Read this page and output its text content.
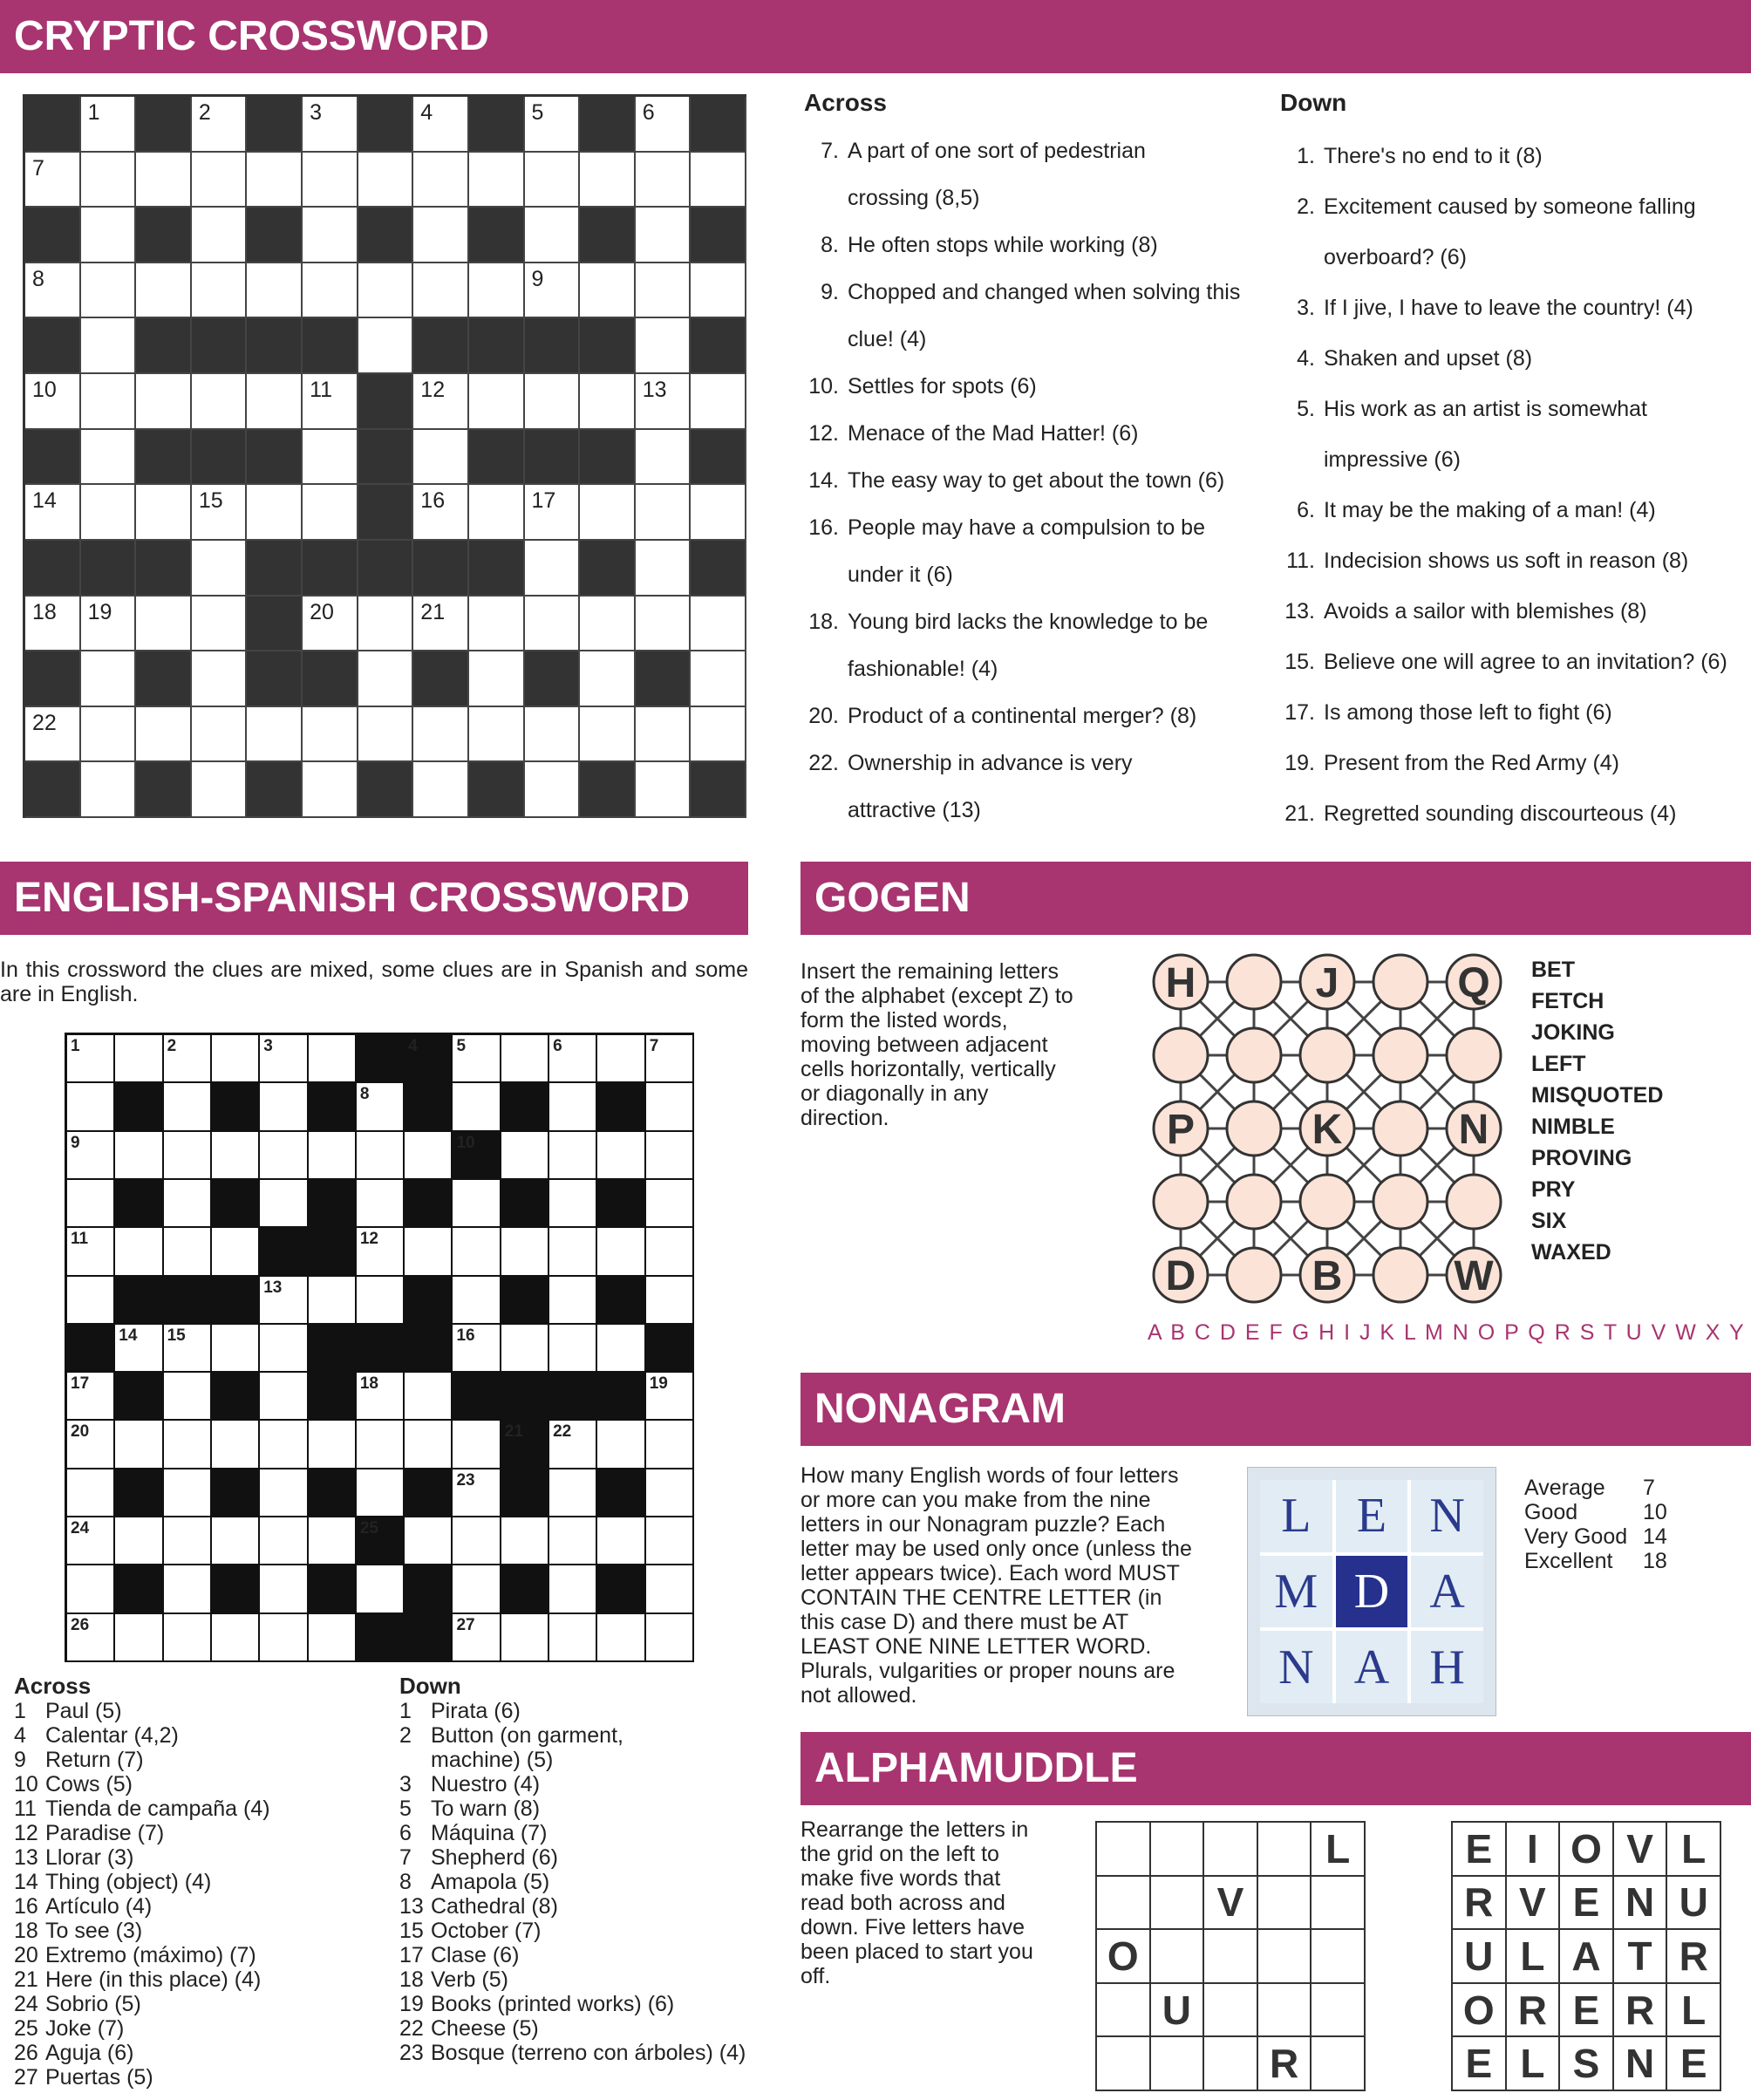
CRYPTIC CROSSWORD
1	2	3	4	5	6
7
8	9
10	11	12	13
14	15	16	17
18 19	20	21
22
Across
7. A part of one sort of pedestrian
crossing (8,5)
8. He often stops while working (8)
9. Chopped and changed when solving this
clue! (4)
10. Settles for spots (6)
12. Menace of the Mad Hatter! (6)
14. The easy way to get about the town (6)
16. People may have a compulsion to be
under it (6)
18. Young bird lacks the knowledge to be
fashionable! (4)
20. Product of a continental merger? (8)
22. Ownership in advance is very
attractive (13)
Down
1. There's no end to it (8)
2. Excitement caused by someone falling
overboard? (6)
3. If I jive, I have to leave the country! (4)
4. Shaken and upset (8)
5. His work as an artist is somewhat
impressive (6)
6. It may be the making of a man! (4)
11. Indecision shows us soft in reason (8)
13. Avoids a sailor with blemishes (8)
15. Believe one will agree to an invitation? (6)
17. Is among those left to fight (6)
19. Present from the Red Army (4)
21. Regretted sounding discourteous (4)
ENGLISH-SPANISH CROSSWORD

In this crossword the clues are mixed, some clues are in Spanish and some are in English.

1	2	3	4 5	6	7
8
9	10
11	12
13
14 15	16
17	18	19
20	21 22
23
24	25
26	27
Across
1 Paul (5)
4 Calentar (4,2)
9 Return (7)
10 Cows (5)
11 Tienda de campaña (4)
12 Paradise (7)
13 Llorar (3)
14 Thing (object) (4)
16 Artículo (4)
18 To see (3)
20 Extremo (máximo) (7)
21 Here (in this place) (4)
24 Sobrio (5)
25 Joke (7)
26 Aguja (6)
27 Puertas (5)
Down
1 Pirata (6)
2 Button (on garment,
machine) (5)
3 Nuestro (4)
5 To warn (8)
6 Máquina (7)
7 Shepherd (6)
8 Amapola (5)
13 Cathedral (8)
15 October (7)
17 Clase (6)
18 Verb (5)
19 Books (printed works) (6)
22 Cheese (5)
23 Bosque (terreno con árboles) (4)
GOGEN

Insert the remaining letters of the alphabet (except Z) to form the listed words, moving between adjacent cells horizontally, vertically or diagonally in any direction.

H	J	Q
P	K	N
D	B	W
BET
FETCH
JOKING
LEFT
MISQUOTED
NIMBLE
PROVING
PRY
SIX
WAXED
A B C D E F G H I J K L M N O P Q R S T U V W X Y
NONAGRAM

How many English words of four letters or more can you make from the nine letters in our Nonagram puzzle? Each letter may be used only once (unless the letter appears twice). Each word MUST CONTAIN THE CENTRE LETTER (in this case D) and there must be AT LEAST ONE NINE LETTER WORD. Plurals, vulgarities or proper nouns are not allowed.

L E N
M D A
N A H
Average	7
Good	10
Very Good 14
Excellent	18
ALPHAMUDDLE

Rearrange the letters in the grid on the left to make five words that read both across and down. Five letters have been placed to start you off.

L
V
O
U
R
E I O V L
R V E N U
U L A T R
O R E R L
E L S N E
